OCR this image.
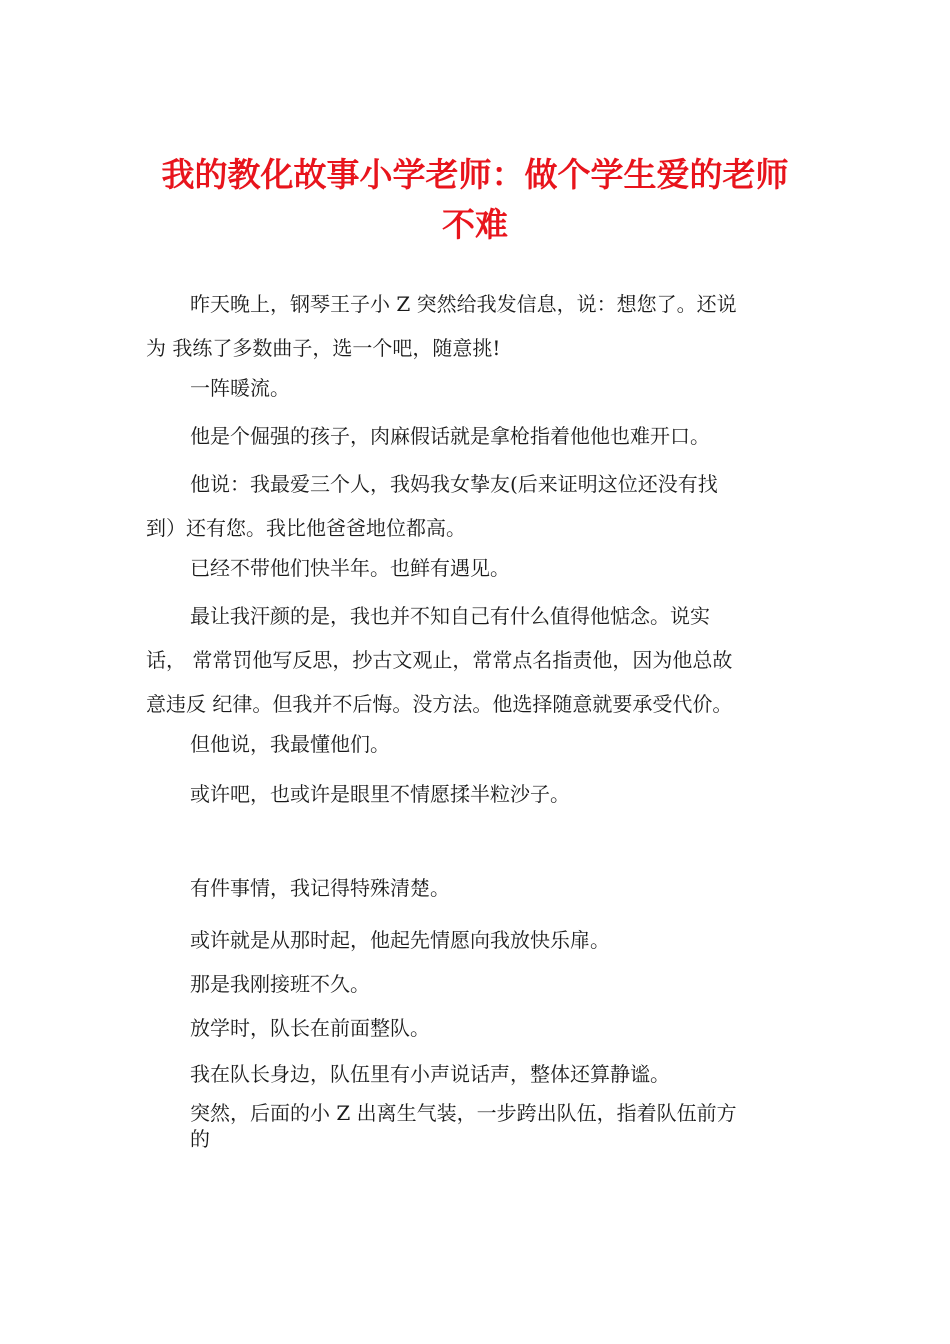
我的教化故事小学老师：做个学生爱的老师
不难

昨天晚上，钢琴王子小 Z 突然给我发信息，说：想您了。还说
为 我练了多数曲子，选一个吧，随意挑!

一阵暖流。

他是个倔强的孩子，肉麻假话就是拿枪指着他他也难开口。

他说：我最爱三个人，我妈我女挚友(后来证明这位还没有找
到）还有您。我比他爸爸地位都高。

已经不带他们快半年。也鲜有遇见。

最让我汗颜的是，我也并不知自己有什么值得他惦念。说实
话， 常常罚他写反思，抄古文观止，常常点名指责他，因为他总故
意违反 纪律。但我并不后悔。没方法。他选择随意就要承受代价。

但他说，我最懂他们。

或许吧，也或许是眼里不情愿揉半粒沙子。

有件事情，我记得特殊清楚。

或许就是从那时起，他起先情愿向我放快乐扉。

那是我刚接班不久。

放学时，队长在前面整队。

我在队长身边，队伍里有小声说话声，整体还算静谧。

突然，后面的小 Z 出离生气装，一步跨出队伍，指着队伍前方
的
